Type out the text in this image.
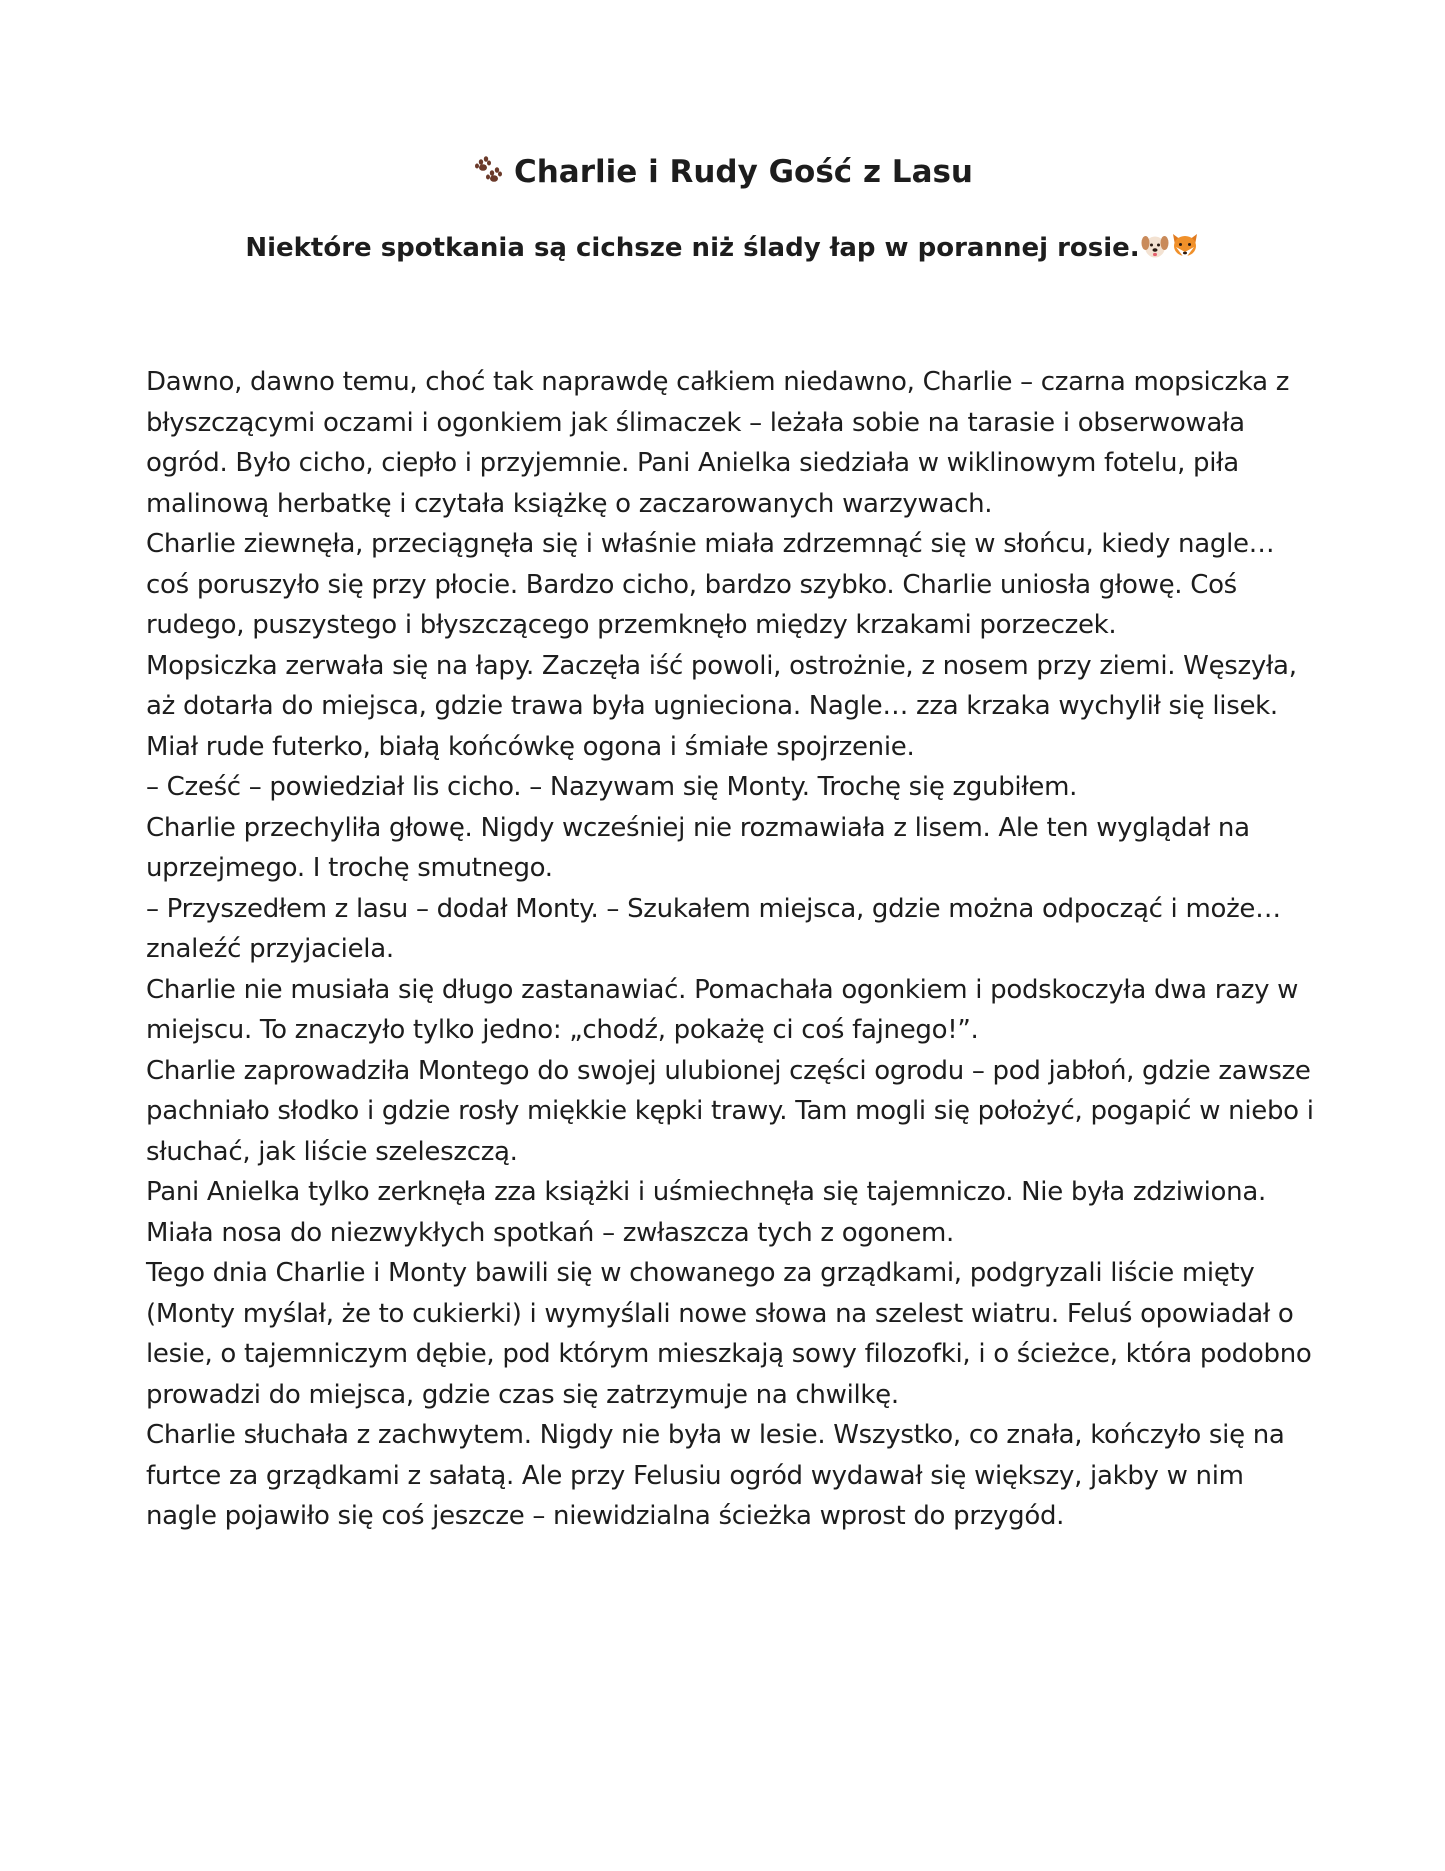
Charlie i Rudy Gość z Lasu
Niektóre spotkania są cichsze niż ślady łap w porannej rosie.

Dawno, dawno temu, choć tak naprawdę całkiem niedawno, Charlie – czarna mopsiczka z błyszczącymi oczami i ogonkiem jak ślimaczek – leżała sobie na tarasie i obserwowała ogród. Było cicho, ciepło i przyjemnie. Pani Anielka siedziała w wiklinowym fotelu, piła malinową herbatkę i czytała książkę o zaczarowanych warzywach.

Charlie ziewnęła, przeciągnęła się i właśnie miała zdrzemnąć się w słońcu, kiedy nagle… coś poruszyło się przy płocie. Bardzo cicho, bardzo szybko. Charlie uniosła głowę. Coś rudego, puszystego i błyszczącego przemknęło między krzakami porzeczek.

Mopsiczka zerwała się na łapy. Zaczęła iść powoli, ostrożnie, z nosem przy ziemi. Węszyła, aż dotarła do miejsca, gdzie trawa była ugnieciona. Nagle… zza krzaka wychylił się lisek. Miał rude futerko, białą końcówkę ogona i śmiałe spojrzenie.

– Cześć – powiedział lis cicho. – Nazywam się Monty. Trochę się zgubiłem.

Charlie przechyliła głowę. Nigdy wcześniej nie rozmawiała z lisem. Ale ten wyglądał na uprzejmego. I trochę smutnego.

– Przyszedłem z lasu – dodał Monty. – Szukałem miejsca, gdzie można odpocząć i może… znaleźć przyjaciela.

Charlie nie musiała się długo zastanawiać. Pomachała ogonkiem i podskoczyła dwa razy w miejscu. To znaczyło tylko jedno: „chodź, pokażę ci coś fajnego!”.

Charlie zaprowadziła Montego do swojej ulubionej części ogrodu – pod jabłoń, gdzie zawsze pachniało słodko i gdzie rosły miękkie kępki trawy. Tam mogli się położyć, pogapić w niebo i słuchać, jak liście szeleszczą.

Pani Anielka tylko zerknęła zza książki i uśmiechnęła się tajemniczo. Nie była zdziwiona. Miała nosa do niezwykłych spotkań – zwłaszcza tych z ogonem.

Tego dnia Charlie i Monty bawili się w chowanego za grządkami, podgryzali liście mięty (Monty myślał, że to cukierki) i wymyślali nowe słowa na szelest wiatru. Feluś opowiadał o lesie, o tajemniczym dębie, pod którym mieszkają sowy filozofki, i o ścieżce, która podobno prowadzi do miejsca, gdzie czas się zatrzymuje na chwilkę.

Charlie słuchała z zachwytem. Nigdy nie była w lesie. Wszystko, co znała, kończyło się na furtce za grządkami z sałatą. Ale przy Felusiu ogród wydawał się większy, jakby w nim nagle pojawiło się coś jeszcze – niewidzialna ścieżka wprost do przygód.
